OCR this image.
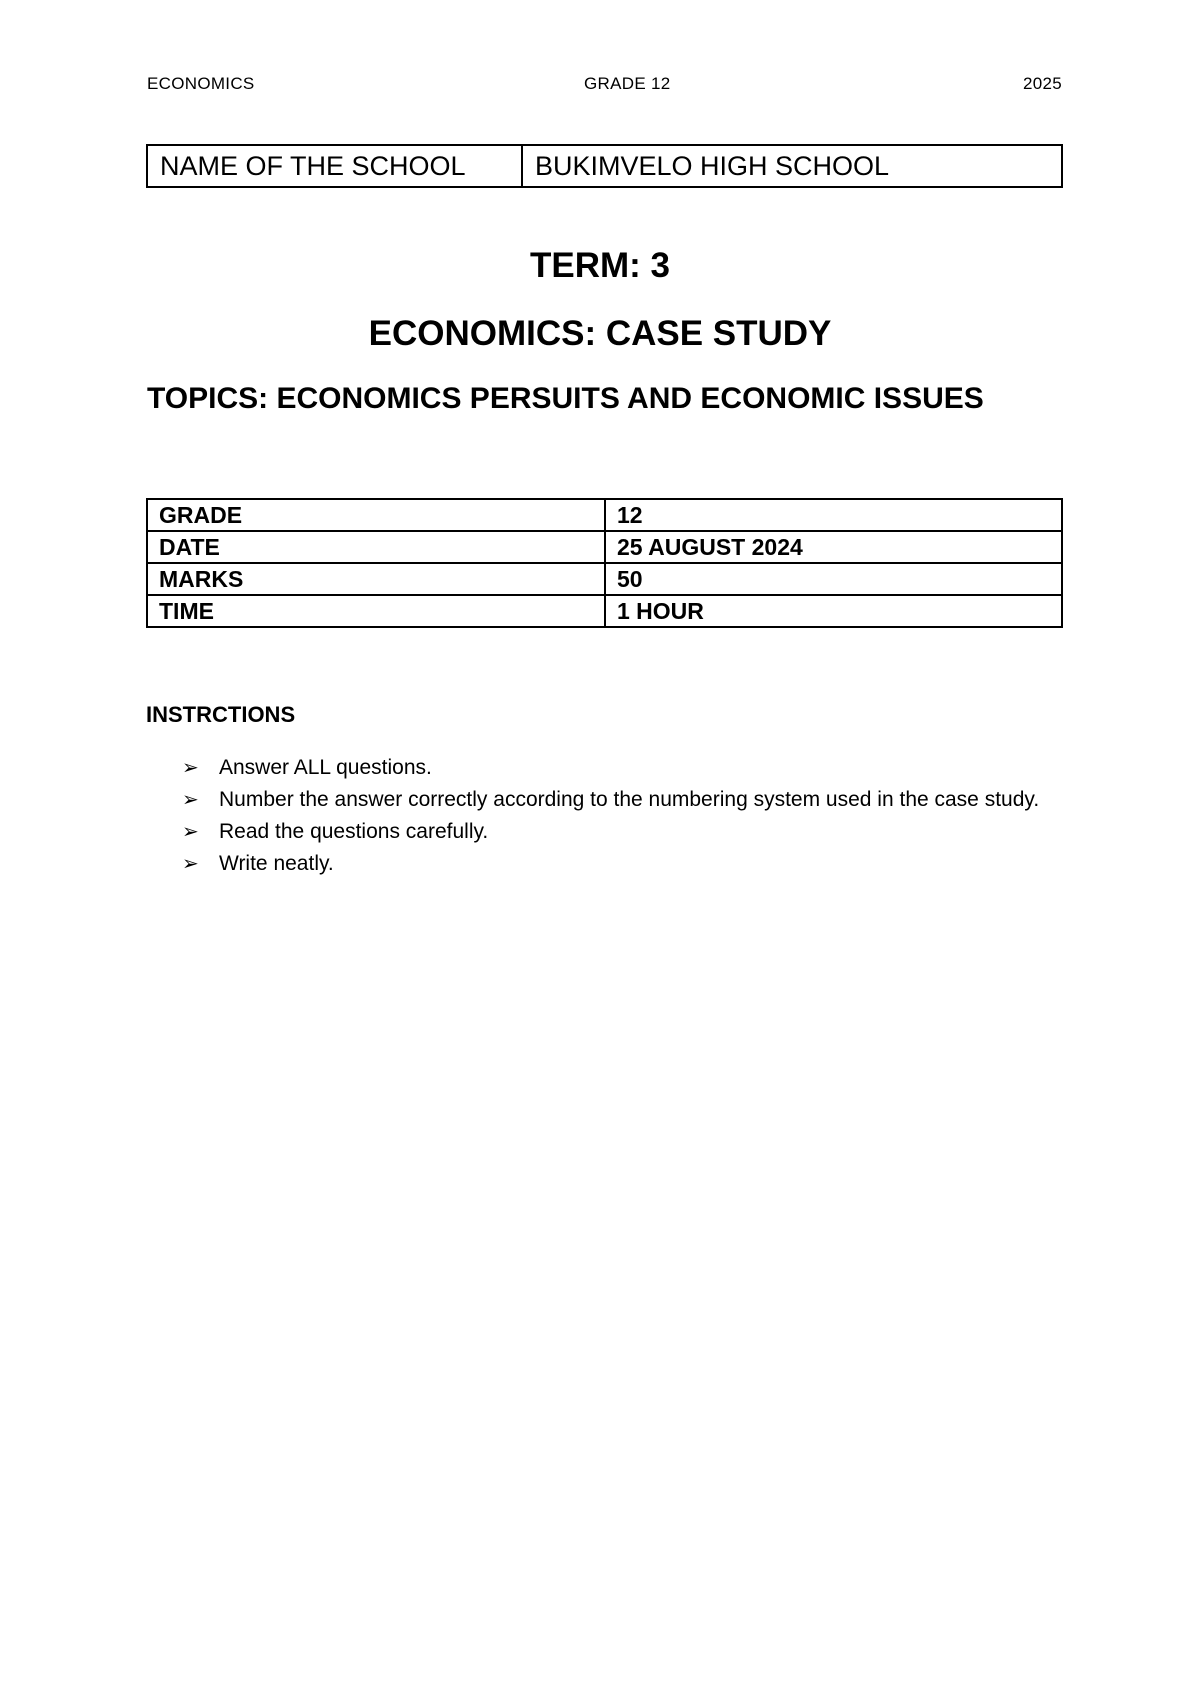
ECONOMICS	GRADE 12	2025
NAME OF THE SCHOOL	BUKIMVELO HIGH SCHOOL
TERM: 3
ECONOMICS: CASE STUDY
TOPICS: ECONOMICS PERSUITS AND ECONOMIC ISSUES
GRADE	12
DATE	25 AUGUST 2024
MARKS	50
TIME	1 HOUR
INSTRCTIONS
➢ Answer ALL questions.
➢ Number the answer correctly according to the numbering system used in the case study.
➢ Read the questions carefully.
➢ Write neatly.
